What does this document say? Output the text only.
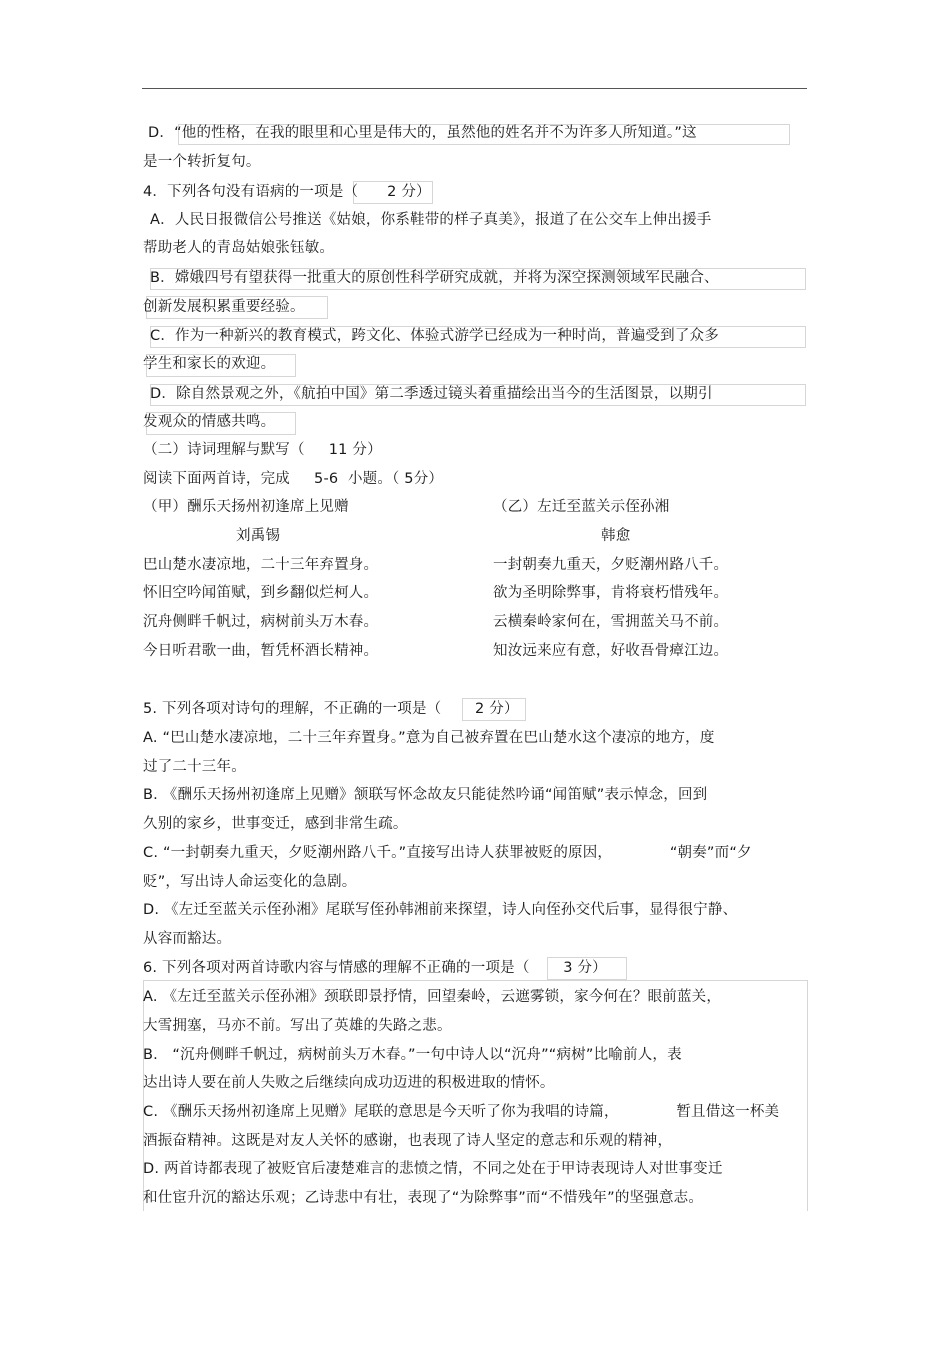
D．“他的性格，在我的眼里和心里是伟大的，虽然他的姓名并不为许多人所知道。”这
是一个转折复句。
4．下列各句没有语病的一项是（      2 分）
A．人民日报微信公号推送《姑娘，你系鞋带的样子真美》，报道了在公交车上伸出援手
帮助老人的青岛姑娘张钰敏。
B．嫦娥四号有望获得一批重大的原创性科学研究成就，并将为深空探测领域军民融合、
创新发展积累重要经验。
C．作为一种新兴的教育模式，跨文化、体验式游学已经成为一种时尚，普遍受到了众多
学生和家长的欢迎。
D．除自然景观之外，《航拍中国》第二季透过镜头着重描绘出当今的生活图景，以期引
发观众的情感共鸣。
（二）诗词理解与默写（     11 分）
阅读下面两首诗，完成     5-6  小题。（ 5分）
（甲）酬乐天扬州初逢席上见赠	（乙）左迁至蓝关示侄孙湘
刘禹锡	韩愈
巴山楚水凄凉地，二十三年弃置身。	一封朝奏九重天，夕贬潮州路八千。
怀旧空吟闻笛赋，到乡翻似烂柯人。	欲为圣明除弊事，肯将衰朽惜残年。
沉舟侧畔千帆过，病树前头万木春。	云横秦岭家何在，雪拥蓝关马不前。
今日听君歌一曲，暂凭杯酒长精神。	知汝远来应有意，好收吾骨瘴江边。
5. 下列各项对诗句的理解，不正确的一项是（       2 分）
A. “巴山楚水凄凉地，二十三年弃置身。”意为自己被弃置在巴山楚水这个凄凉的地方，度
过了二十三年。
B. 《酬乐天扬州初逢席上见赠》颔联写怀念故友只能徒然吟诵“闻笛赋”表示悼念，回到
久别的家乡，世事变迁，感到非常生疏。
C. “一封朝奏九重天，夕贬潮州路八千。”直接写出诗人获罪被贬的原因，            “朝奏”而“夕
贬”，写出诗人命运变化的急剧。
D. 《左迁至蓝关示侄孙湘》尾联写侄孙韩湘前来探望，诗人向侄孙交代后事，显得很宁静、
从容而豁达。
6. 下列各项对两首诗歌内容与情感的理解不正确的一项是（       3 分）
A. 《左迁至蓝关示侄孙湘》颈联即景抒情，回望秦岭，云遮雾锁，家今何在？眼前蓝关，
大雪拥塞，马亦不前。写出了英雄的失路之悲。
B.   “沉舟侧畔千帆过，病树前头万木春。”一句中诗人以“沉舟”“病树”比喻前人，表
达出诗人要在前人失败之后继续向成功迈进的积极进取的情怀。
C. 《酬乐天扬州初逢席上见赠》尾联的意思是今天听了你为我唱的诗篇，            暂且借这一杯美
酒振奋精神。这既是对友人关怀的感谢，也表现了诗人坚定的意志和乐观的精神，
D. 两首诗都表现了被贬官后凄楚难言的悲愤之情，不同之处在于甲诗表现诗人对世事变迁
和仕宦升沉的豁达乐观；乙诗悲中有壮，表现了“为除弊事”而“不惜残年”的坚强意志。
